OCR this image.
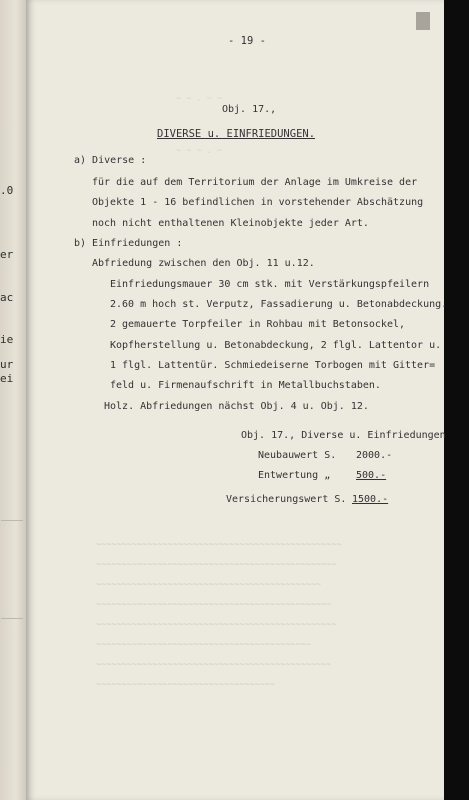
.0
er
ac
ie
ur
ei
~ ~ . ~ ~
~ ~ ~ . ~
- 19 -
Obj. 17.,
DIVERSE u. EINFRIEDUNGEN.
a) Diverse :
für die auf dem Territorium der Anlage im Umkreise der
Objekte 1 - 16 befindlichen in vorstehender Abschätzung
noch nicht enthaltenen Kleinobjekte jeder Art.
b) Einfriedungen :
Abfriedung zwischen den Obj. 11 u.12.
Einfriedungsmauer 30 cm stk. mit Verstärkungspfeilern
2.60 m hoch st. Verputz, Fassadierung u. Betonabdeckung.
2 gemauerte Torpfeiler in Rohbau mit Betonsockel,
Kopfherstellung u. Betonabdeckung, 2 flgl. Lattentor u.
1 flgl. Lattentür. Schmiedeiserne Torbogen mit Gitter=
feld u. Firmenaufschrift in Metallbuchstaben.
Holz. Abfriedungen nächst Obj. 4 u. Obj. 12.
Obj. 17., Diverse u. Einfriedungen
Neubauwert S. 2000.-
Entwertung „	500.-
Versicherungswert S. 1500.-
~~~~~~~~~~~~~~~~~~~~~~~~~~~~~~~~~~~~~~~~~~~~~~~~
~~~~~~~~~~~~~~~~~~~~~~~~~~~~~~~~~~~~~~~~~~~~~~~
~~~~~~~~~~~~~~~~~~~~~~~~~~~~~~~~~~~~~~~~~~~~
~~~~~~~~~~~~~~~~~~~~~~~~~~~~~~~~~~~~~~~~~~~~~~
~~~~~~~~~~~~~~~~~~~~~~~~~~~~~~~~~~~~~~~~~~~~~~~
~~~~~~~~~~~~~~~~~~~~~~~~~~~~~~~~~~~~~~~~~~
~~~~~~~~~~~~~~~~~~~~~~~~~~~~~~~~~~~~~~~~~~~~~~
~~~~~~~~~~~~~~~~~~~~~~~~~~~~~~~~~~~
